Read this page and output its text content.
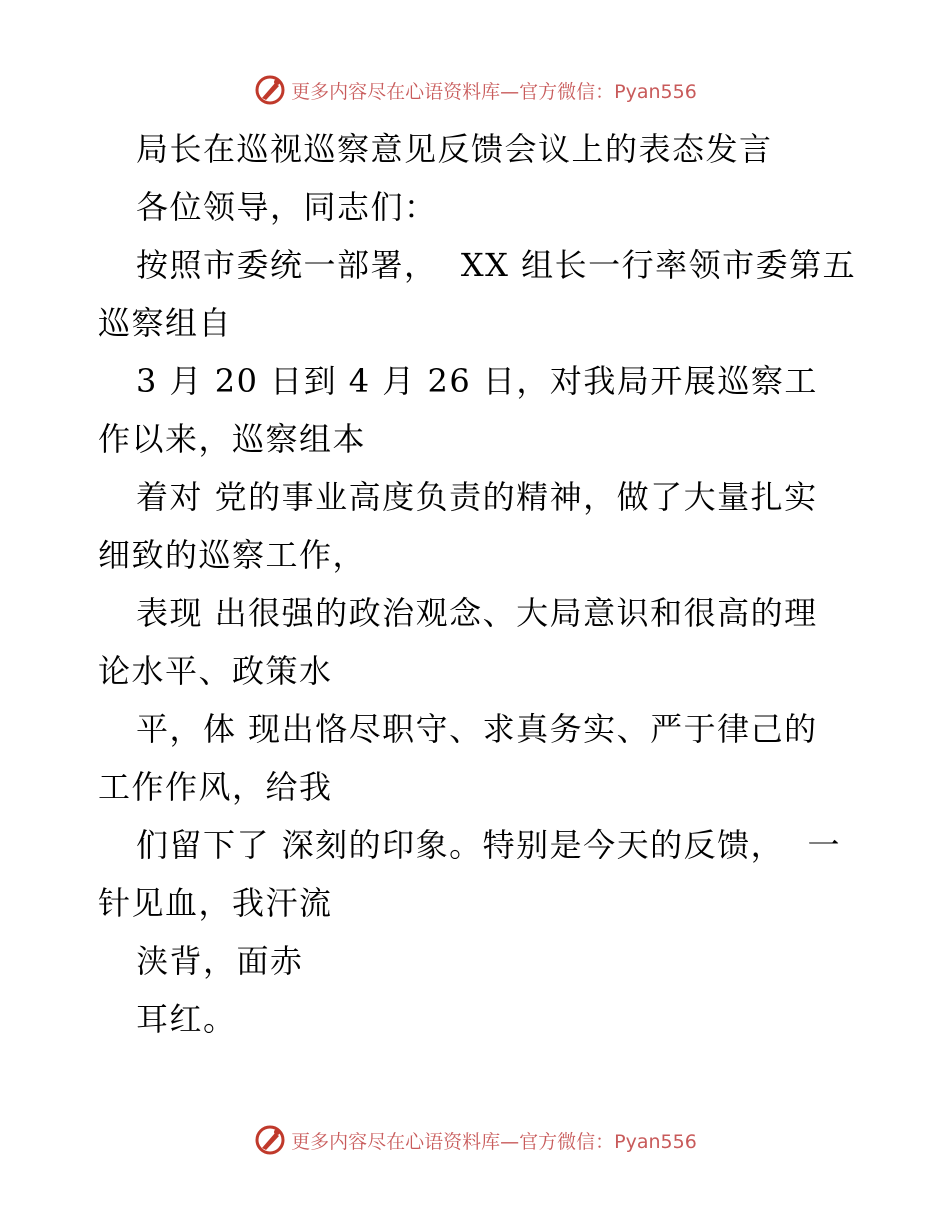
更多内容尽在心语资料库—官方微信：Pyan556
局长在巡视巡察意见反馈会议上的表态发言
各位领导，同志们：
按照市委统一部署，  XX 组长一行率领市委第五
巡察组自
3 月 20 日到 4 月 26 日，对我局开展巡察工
作以来，巡察组本
着对 党的事业高度负责的精神，做了大量扎实
细致的巡察工作，
表现 出很强的政治观念、大局意识和很高的理
论水平、政策水
平，体 现出恪尽职守、求真务实、严于律己的
工作作风，给我
们留下了 深刻的印象。特别是今天的反馈，  一
针见血，我汗流
浃背，面赤
耳红。
更多内容尽在心语资料库—官方微信：Pyan556
